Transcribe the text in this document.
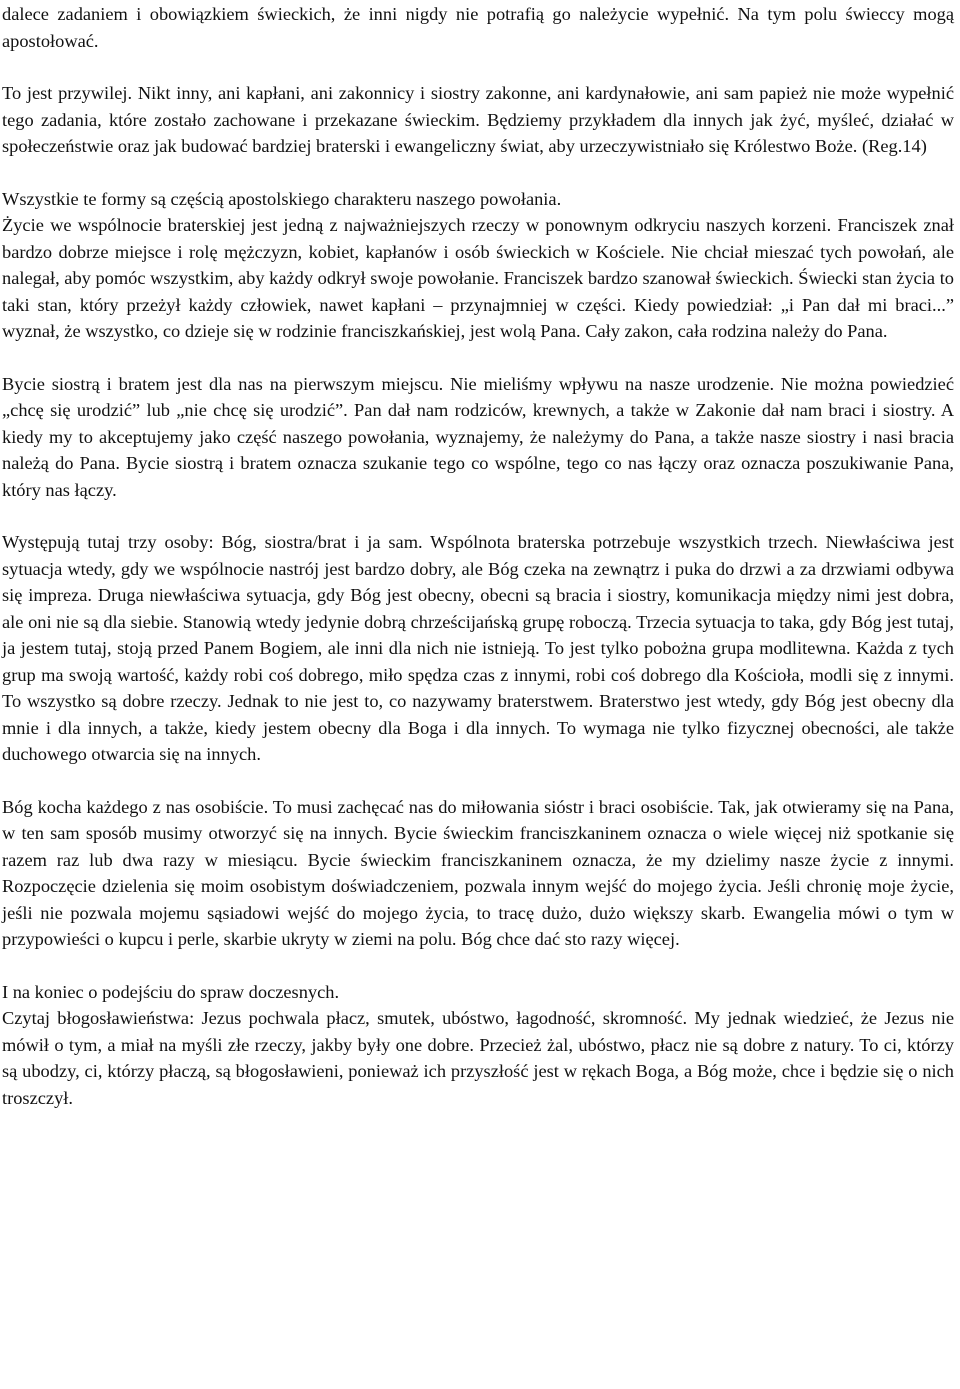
dalece zadaniem i obowiązkiem świeckich, że inni nigdy nie potrafią go należycie wypełnić. Na tym polu świeccy mogą apostołować.

To jest przywilej. Nikt inny, ani kapłani, ani zakonnicy i siostry zakonne, ani kardynałowie, ani sam papież nie może wypełnić tego zadania, które zostało zachowane i przekazane świeckim. Będziemy przykładem dla innych jak żyć, myśleć, działać w społeczeństwie oraz jak budować bardziej braterski i ewangeliczny świat, aby urzeczywistniało się Królestwo Boże. (Reg.14)

Wszystkie te formy są częścią apostolskiego charakteru naszego powołania.

Życie we wspólnocie braterskiej jest jedną z najważniejszych rzeczy w ponownym odkryciu naszych korzeni. Franciszek znał bardzo dobrze miejsce i rolę mężczyzn, kobiet, kapłanów i osób świeckich w Kościele. Nie chciał mieszać tych powołań, ale nalegał, aby pomóc wszystkim, aby każdy odkrył swoje powołanie. Franciszek bardzo szanował świeckich. Świecki stan życia to taki stan, który przeżył każdy człowiek, nawet kapłani – przynajmniej w części. Kiedy powiedział: „i Pan dał mi braci...” wyznał, że wszystko, co dzieje się w rodzinie franciszkańskiej, jest wolą Pana. Cały zakon, cała rodzina należy do Pana.

Bycie siostrą i bratem jest dla nas na pierwszym miejscu. Nie mieliśmy wpływu na nasze urodzenie. Nie można powiedzieć „chcę się urodzić” lub „nie chcę się urodzić”. Pan dał nam rodziców, krewnych, a także w Zakonie dał nam braci i siostry. A kiedy my to akceptujemy jako część naszego powołania, wyznajemy, że należymy do Pana, a także nasze siostry i nasi bracia należą do Pana. Bycie siostrą i bratem oznacza szukanie tego co wspólne, tego co nas łączy oraz oznacza poszukiwanie Pana, który nas łączy.

Występują tutaj trzy osoby: Bóg, siostra/brat i ja sam. Wspólnota braterska potrzebuje wszystkich trzech. Niewłaściwa jest sytuacja wtedy, gdy we wspólnocie nastrój jest bardzo dobry, ale Bóg czeka na zewnątrz i puka do drzwi a za drzwiami odbywa się impreza. Druga niewłaściwa sytuacja, gdy Bóg jest obecny, obecni są bracia i siostry, komunikacja między nimi jest dobra, ale oni nie są dla siebie. Stanowią wtedy jedynie dobrą chrześcijańską grupę roboczą. Trzecia sytuacja to taka, gdy Bóg jest tutaj, ja jestem tutaj, stoją przed Panem Bogiem, ale inni dla nich nie istnieją. To jest tylko pobożna grupa modlitewna. Każda z tych grup ma swoją wartość, każdy robi coś dobrego, miło spędza czas z innymi, robi coś dobrego dla Kościoła, modli się z innymi. To wszystko są dobre rzeczy. Jednak to nie jest to, co nazywamy braterstwem. Braterstwo jest wtedy, gdy Bóg jest obecny dla mnie i dla innych, a także, kiedy jestem obecny dla Boga i dla innych. To wymaga nie tylko fizycznej obecności, ale także duchowego otwarcia się na innych.

Bóg kocha każdego z nas osobiście. To musi zachęcać nas do miłowania sióstr i braci osobiście. Tak, jak otwieramy się na Pana, w ten sam sposób musimy otworzyć się na innych. Bycie świeckim franciszkaninem oznacza o wiele więcej niż spotkanie się razem raz lub dwa razy w miesiącu. Bycie świeckim franciszkaninem oznacza, że my dzielimy nasze życie z innymi. Rozpoczęcie dzielenia się moim osobistym doświadczeniem, pozwala innym wejść do mojego życia. Jeśli chronię moje życie, jeśli nie pozwala mojemu sąsiadowi wejść do mojego życia, to tracę dużo, dużo większy skarb. Ewangelia mówi o tym w przypowieści o kupcu i perle, skarbie ukryty w ziemi na polu. Bóg chce dać sto razy więcej.

I na koniec o podejściu do spraw doczesnych.

Czytaj błogosławieństwa: Jezus pochwala płacz, smutek, ubóstwo, łagodność, skromność. My jednak wiedzieć, że Jezus nie mówił o tym, a miał na myśli złe rzeczy, jakby były one dobre. Przecież żal, ubóstwo, płacz nie są dobre z natury. To ci, którzy są ubodzy, ci, którzy płaczą, są błogosławieni, ponieważ ich przyszłość jest w rękach Boga, a Bóg może, chce i będzie się o nich troszczył.
